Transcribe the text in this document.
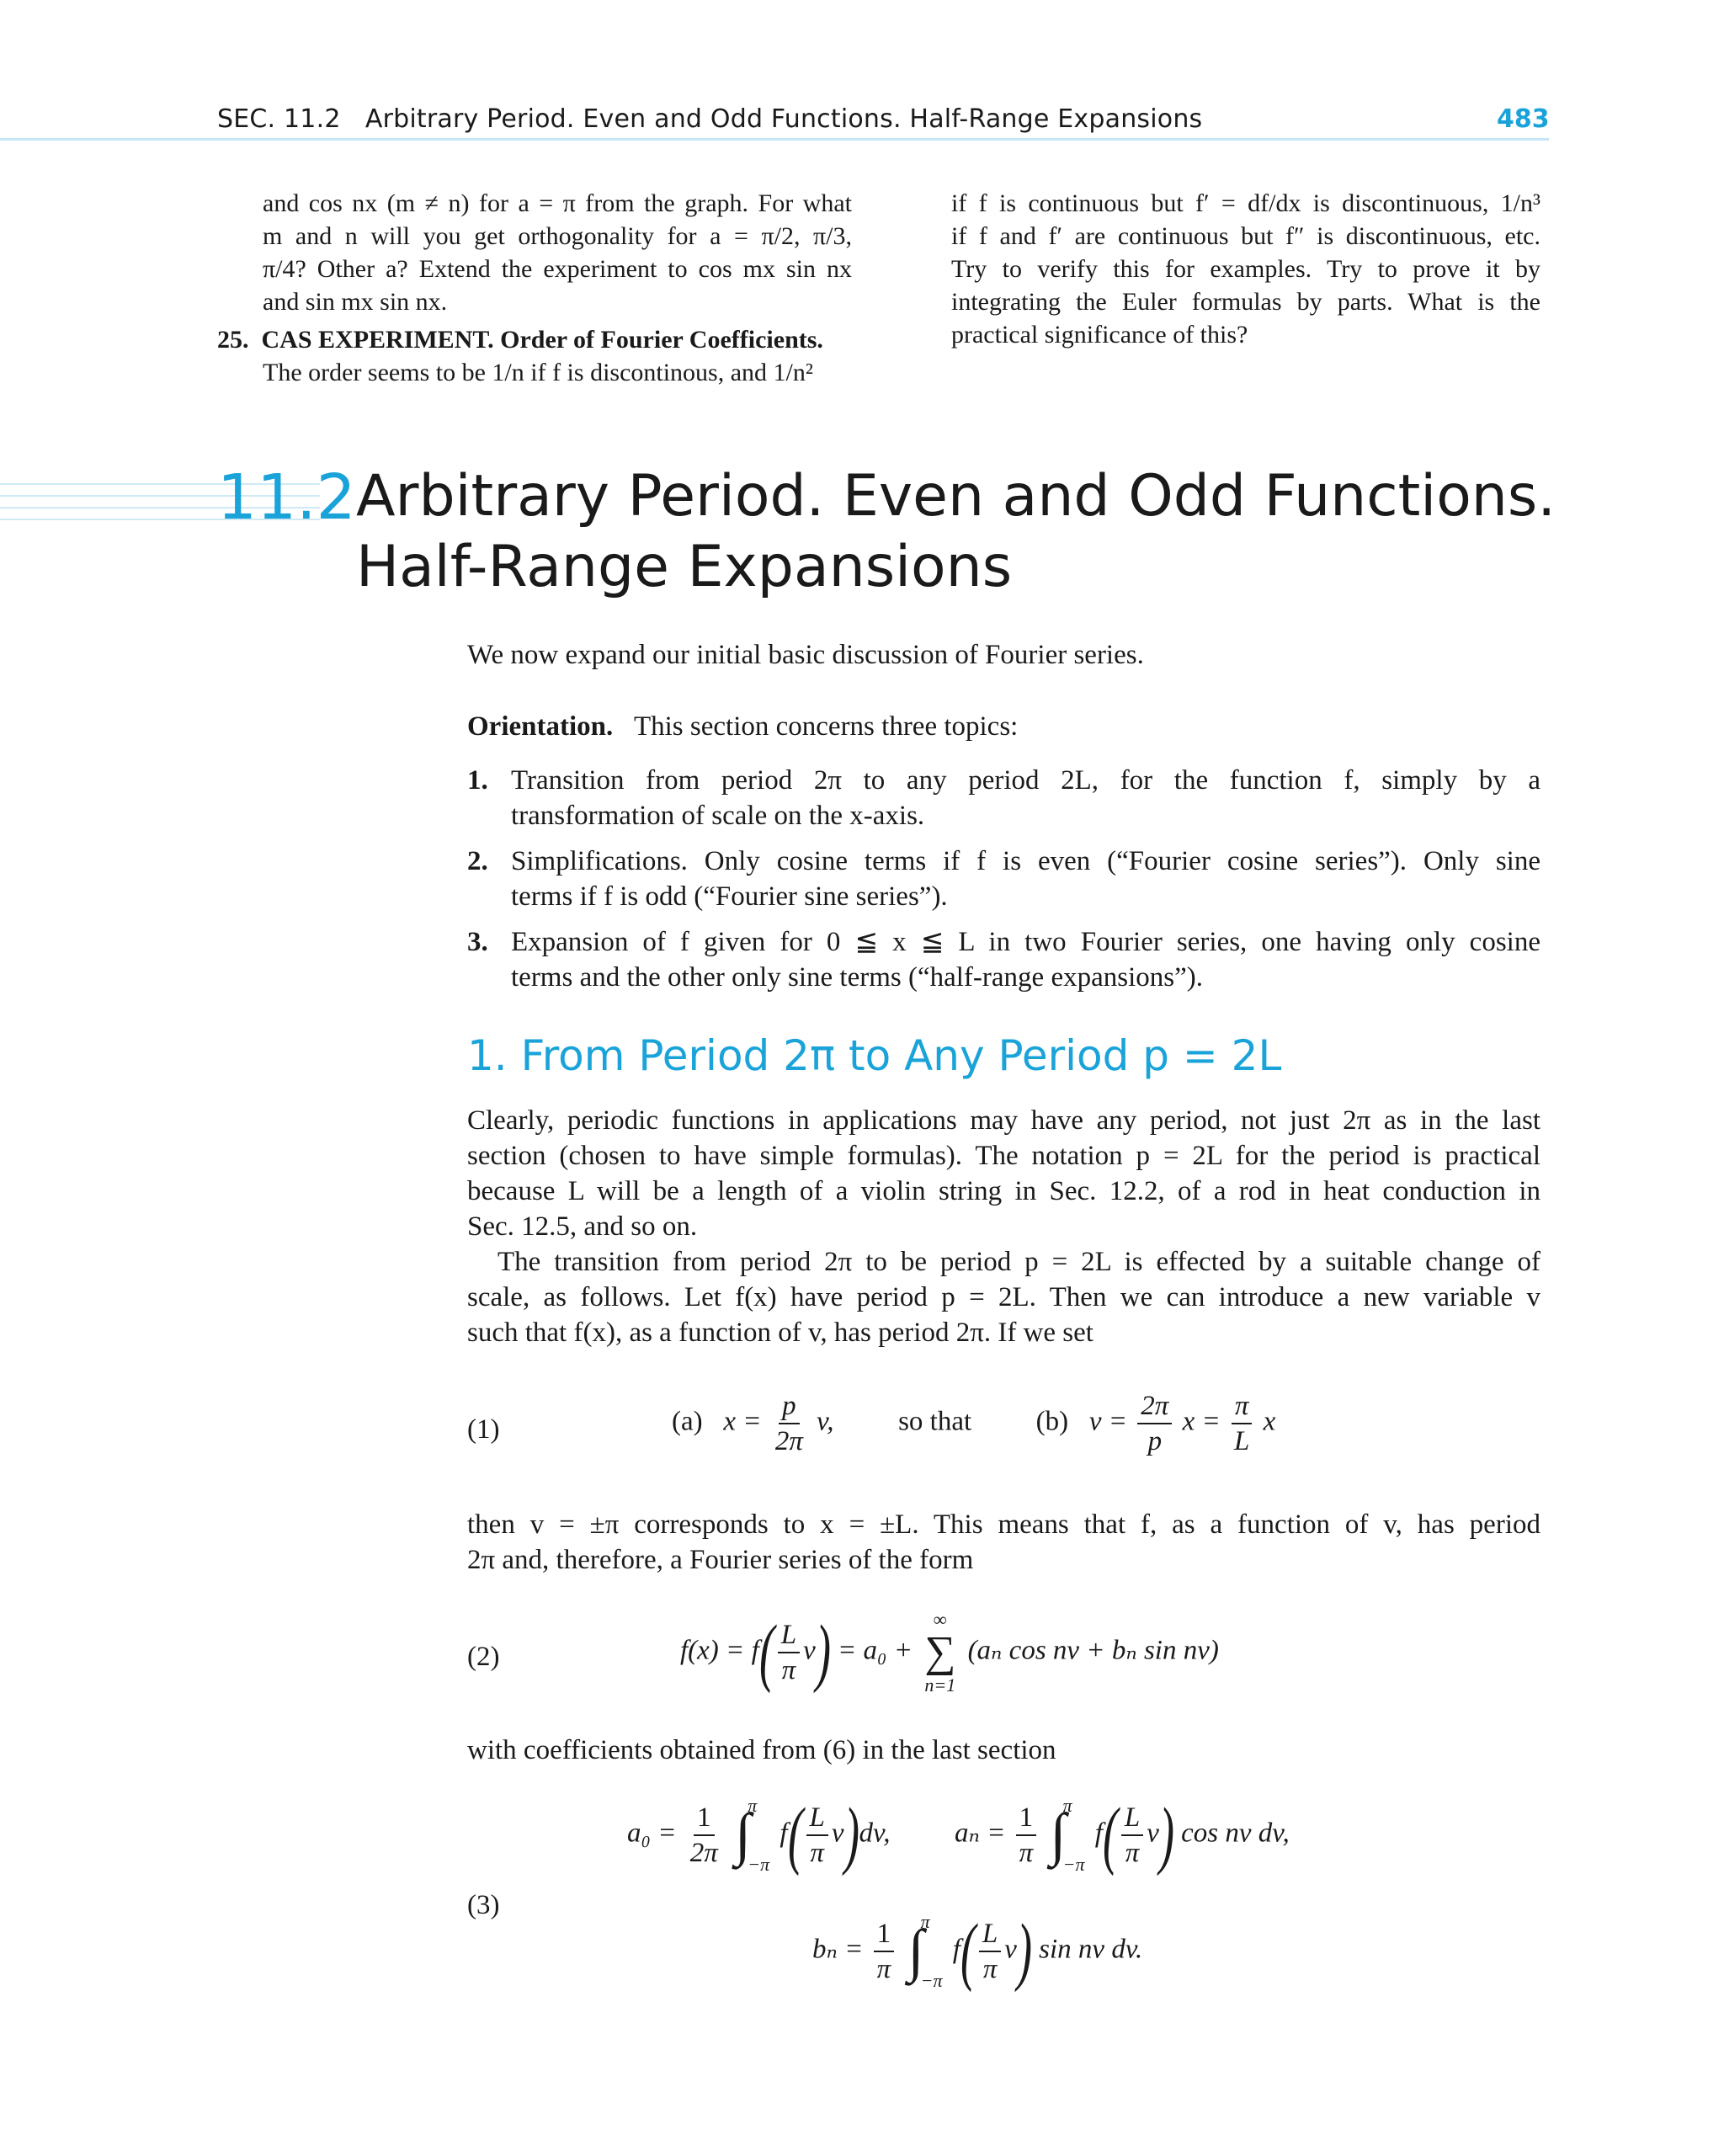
SEC. 11.2 Arbitrary Period. Even and Odd Functions. Half-Range Expansions	483
and cos nx (m ≠ n) for a = π from the graph. For what
m and n will you get orthogonality for a = π/2, π/3,
π/4? Other a? Extend the experiment to cos mx sin nx
and sin mx sin nx.
25. CAS EXPERIMENT. Order of Fourier Coefficients.
The order seems to be 1/n if f is discontinous, and 1/n²
if f is continuous but f′ = df/dx is discontinuous, 1/n³
if f and f′ are continuous but f″ is discontinuous, etc.
Try to verify this for examples. Try to prove it by
integrating the Euler formulas by parts. What is the
practical significance of this?
11.2 Arbitrary Period. Even and Odd Functions.
Half-Range Expansions
We now expand our initial basic discussion of Fourier series.
Orientation. This section concerns three topics:
1. Transition from period 2π to any period 2L, for the function f, simply by a
transformation of scale on the x-axis.
2. Simplifications. Only cosine terms if f is even (“Fourier cosine series”). Only sine
terms if f is odd (“Fourier sine series”).
3. Expansion of f given for 0 ≦ x ≦ L in two Fourier series, one having only cosine
terms and the other only sine terms (“half-range expansions”).
1. From Period 2π to Any Period p = 2L
Clearly, periodic functions in applications may have any period, not just 2π as in the last
section (chosen to have simple formulas). The notation p = 2L for the period is practical
because L will be a length of a violin string in Sec. 12.2, of a rod in heat conduction in
Sec. 12.5, and so on.
The transition from period 2π to be period p = 2L is effected by a suitable change of
scale, as follows. Let f(x) have period p = 2L. Then we can introduce a new variable v
such that f(x), as a function of v, has period 2π. If we set
(1)	(a) $x = \frac{p}{2\pi} v$, so that (b) $v = \frac{2\pi}{p}$ $x = \frac{\pi}{L}$ x
then v = ±π corresponds to x = ±L. This means that f, as a function of v, has period
2π and, therefore, a Fourier series of the form
(2)	$f(x) = f( \frac{L}{\pi} v) = a_0$ +
∞
∑
n=1
(aₙ cos nv + bₙ sin nv)
with coefficients obtained from (6) in the last section
(3)
$a_0 = \frac{1}{2\pi}$
∫
π
−π
$f( \frac{L}{\pi} v)dv$, $a_n = \frac{1}{\pi}$
∫
π
−π
$f( \frac{L}{\pi} v)$ cos nv dv,
$b_n = \frac{1}{\pi}$
∫
π
−π
$f( \frac{L}{\pi} v)$ sin nv dv.
